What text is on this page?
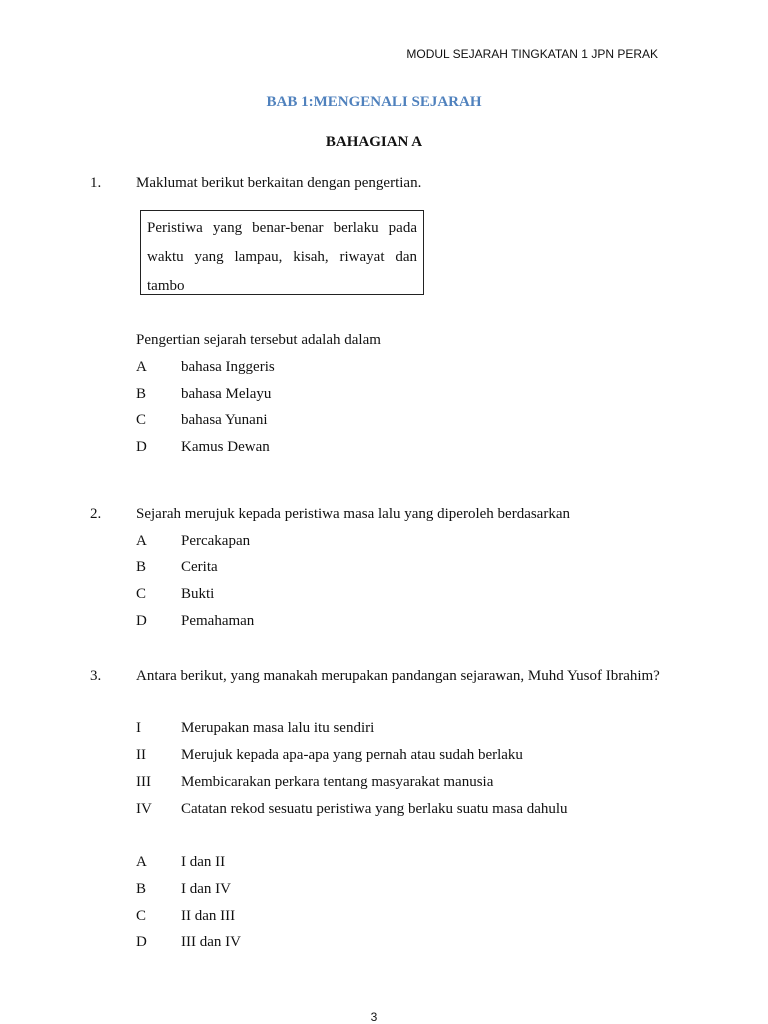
MODUL SEJARAH TINGKATAN 1 JPN PERAK
BAB 1:MENGENALI SEJARAH
BAHAGIAN A
1. Maklumat berikut berkaitan dengan pengertian.
Peristiwa yang benar-benar berlaku pada waktu yang lampau, kisah, riwayat dan tambo
Pengertian sejarah tersebut adalah dalam
A bahasa Inggeris
B bahasa Melayu
C bahasa Yunani
D Kamus Dewan
2. Sejarah merujuk kepada peristiwa masa lalu yang diperoleh berdasarkan
A Percakapan
B Cerita
C Bukti
D Pemahaman
3. Antara berikut, yang manakah merupakan pandangan sejarawan, Muhd Yusof Ibrahim?
I	Merupakan masa lalu itu sendiri
II Merujuk kepada apa-apa yang pernah atau sudah berlaku
III Membicarakan perkara tentang masyarakat manusia
IV Catatan rekod sesuatu peristiwa yang berlaku suatu masa dahulu
A I dan II
B I dan IV
C II dan III
D III dan IV
3
